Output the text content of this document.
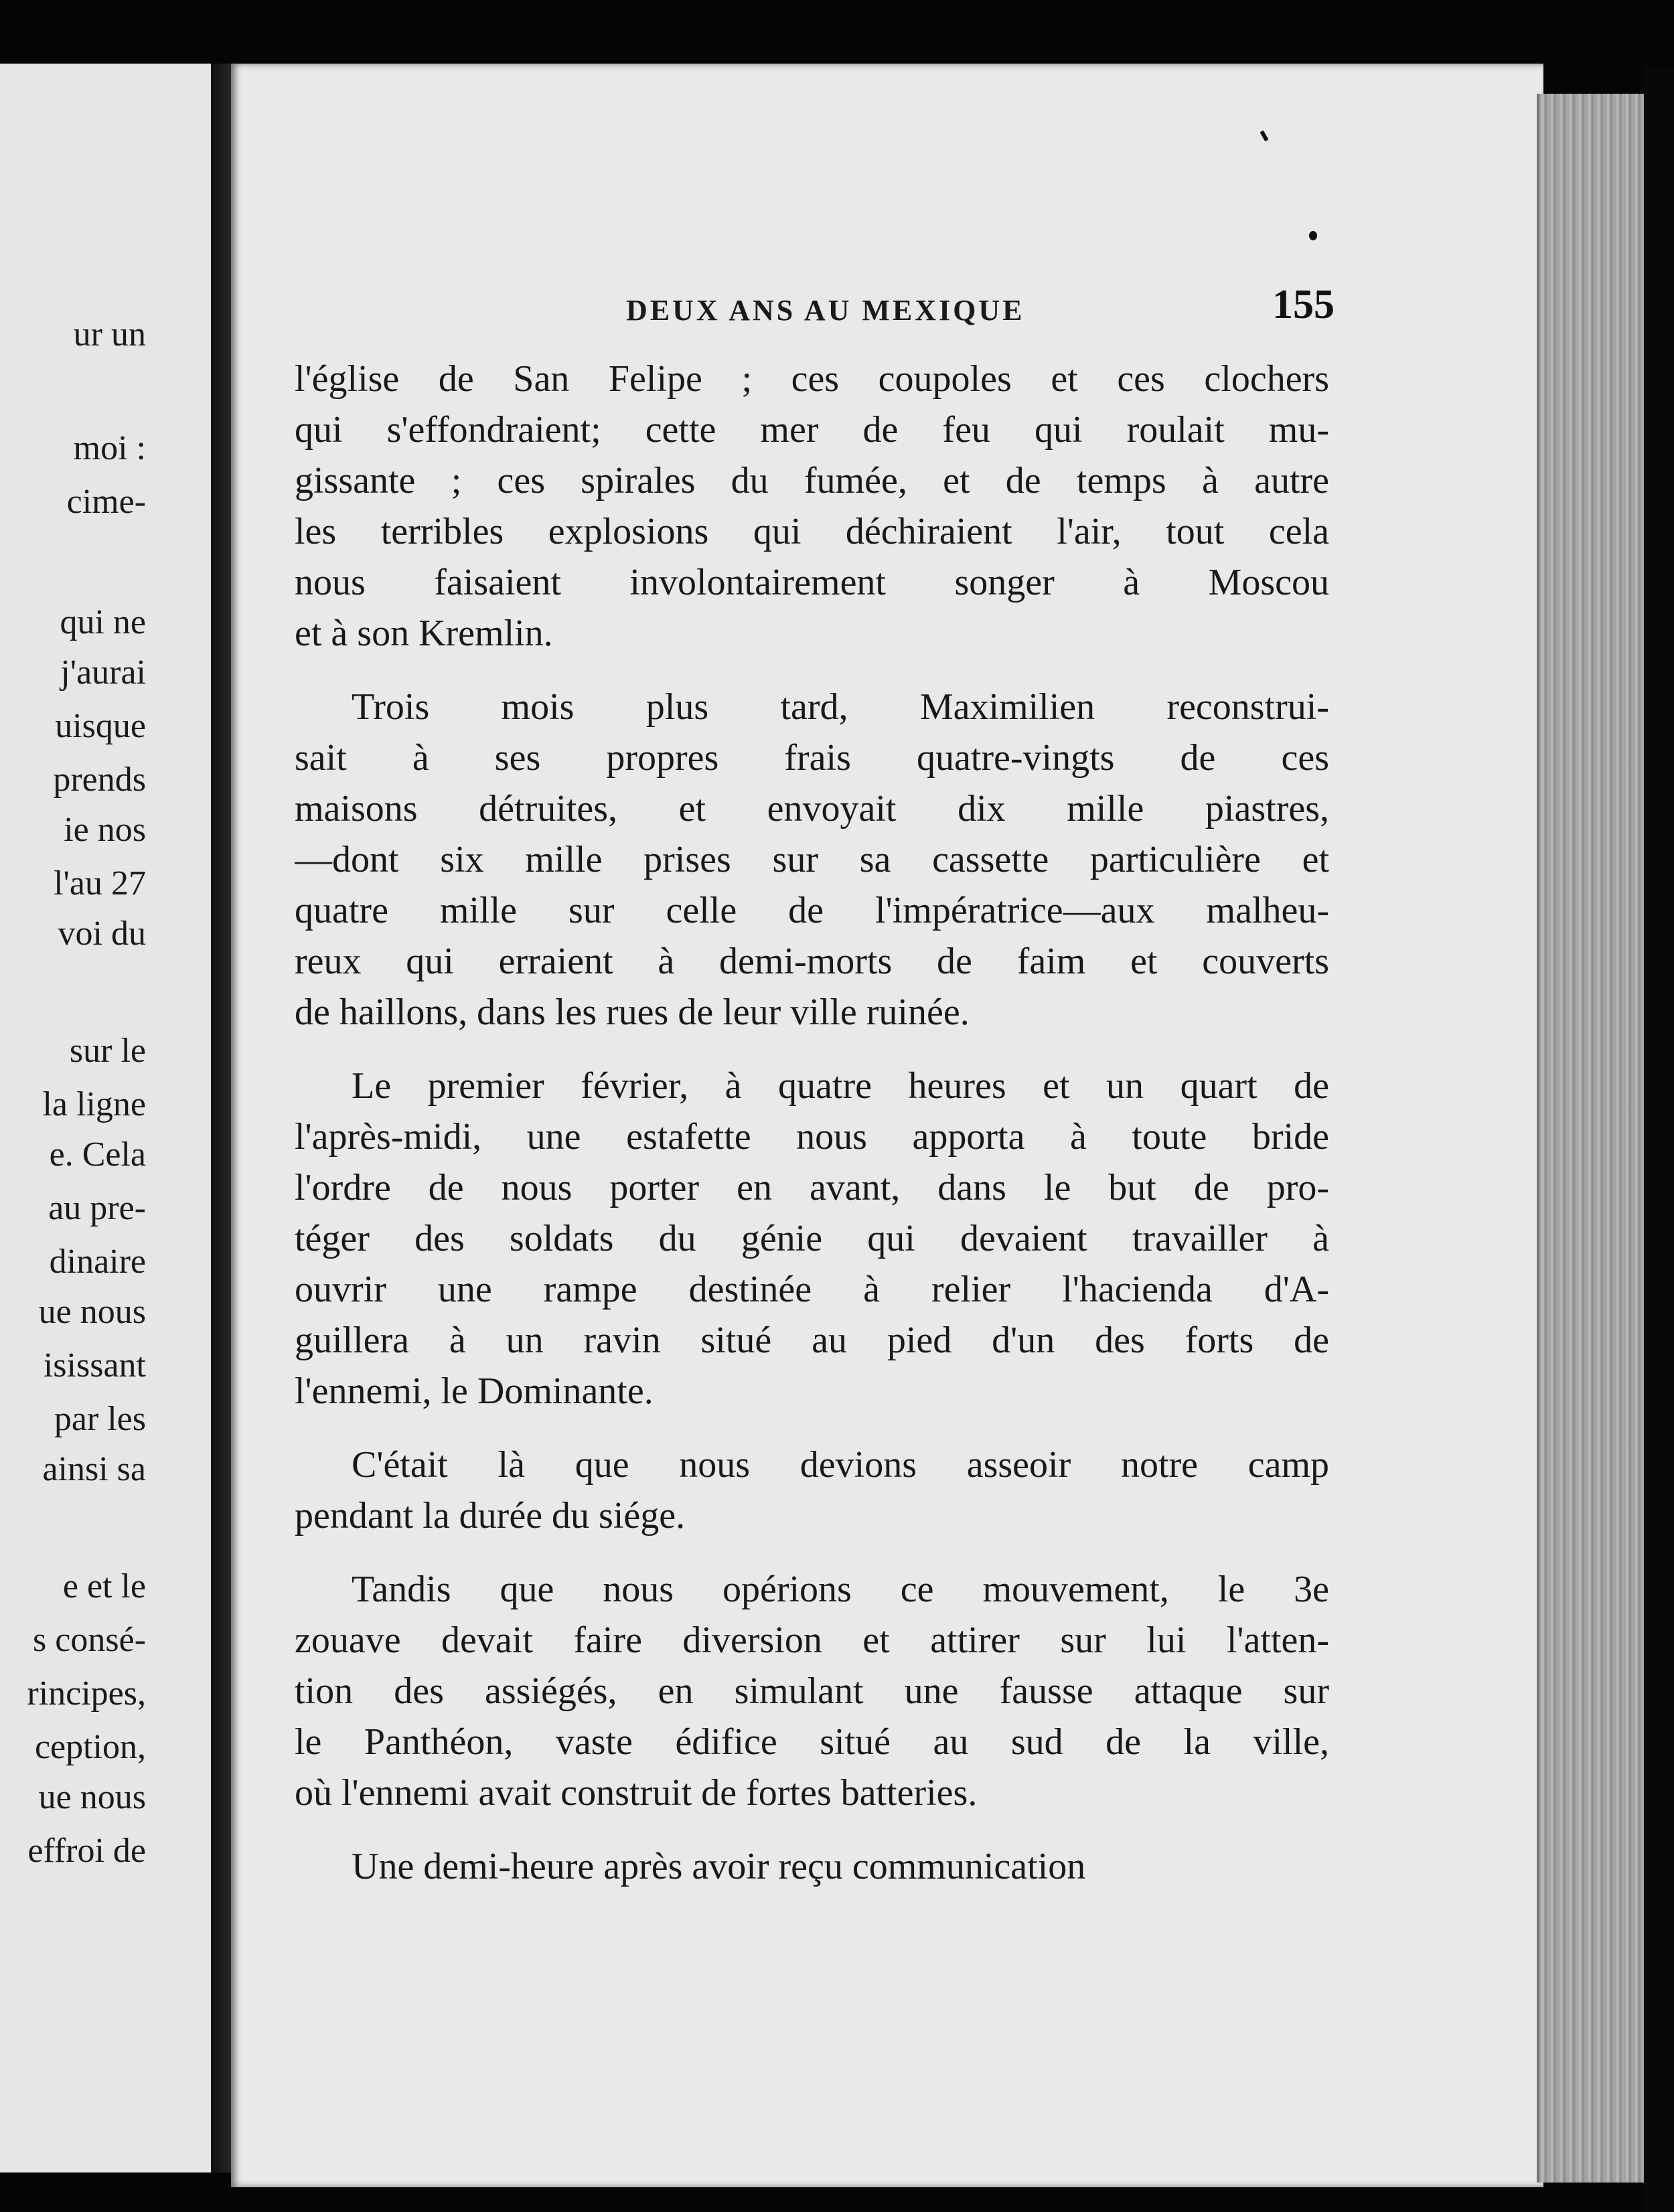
ur un
moi :
cime-
qui ne
j'aurai
uisque
prends
ie nos
l'au 27
voi du
sur le
la ligne
e. Cela
au pre-
dinaire
ue nous
isissant
par les
ainsi sa
e et le
s consé-
rincipes,
ception,
ue nous
effroi de
DEUX ANS AU MEXIQUE	155
l'église de San Felipe ; ces coupoles et ces clochers
qui s'effondraient; cette mer de feu qui roulait mu-
gissante ; ces spirales du fumée, et de temps à autre
les terribles explosions qui déchiraient l'air, tout cela
nous faisaient involontairement songer à Moscou
et à son Kremlin.
Trois mois plus tard, Maximilien reconstrui-
sait à ses propres frais quatre-vingts de ces
maisons détruites, et envoyait dix mille piastres,
—dont six mille prises sur sa cassette particulière et
quatre mille sur celle de l'impératrice—aux malheu-
reux qui erraient à demi-morts de faim et couverts
de haillons, dans les rues de leur ville ruinée.
Le premier février, à quatre heures et un quart de
l'après-midi, une estafette nous apporta à toute bride
l'ordre de nous porter en avant, dans le but de pro-
téger des soldats du génie qui devaient travailler à
ouvrir une rampe destinée à relier l'hacienda d'A-
guillera à un ravin situé au pied d'un des forts de
l'ennemi, le Dominante.
C'était là que nous devions asseoir notre camp
pendant la durée du siége.
Tandis que nous opérions ce mouvement, le 3e
zouave devait faire diversion et attirer sur lui l'atten-
tion des assiégés, en simulant une fausse attaque sur
le Panthéon, vaste édifice situé au sud de la ville,
où l'ennemi avait construit de fortes batteries.
Une demi-heure après avoir reçu communication
